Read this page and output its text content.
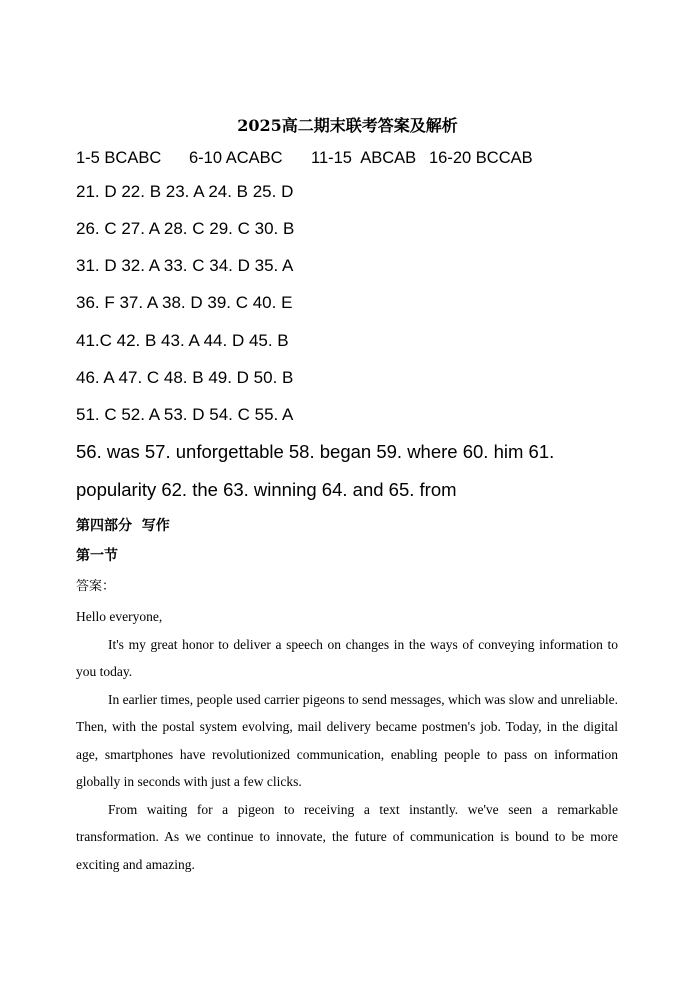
2025高二期末联考答案及解析
1-5 BCABC 6-10 ACABC 11-15  ABCAB 16-20 BCCAB
21. D 22. B 23. A 24. B 25. D
26. C 27. A 28. C 29. C 30. B
31. D 32. A 33. C 34. D 35. A
36. F 37. A 38. D 39. C 40. E
41.C 42. B 43. A 44. D 45. B
46. A 47. C 48. B 49. D 50. B
51. C 52. A 53. D 54. C 55. A
56. was 57. unforgettable 58. began 59. where 60. him 61.
popularity 62. the 63. winning 64. and 65. from
第四部分  写作
第一节
答案：

Hello everyone,

It's my great honor to deliver a speech on changes in the ways of conveying information to you today.

In earlier times, people used carrier pigeons to send messages, which was slow and unreliable. Then, with the postal system evolving, mail delivery became postmen's job. Today, in the digital age, smartphones have revolutionized communication, enabling people to pass on information globally in seconds with just a few clicks.

From waiting for a pigeon to receiving a text instantly. we've seen a remarkable transformation. As we continue to innovate, the future of communication is bound to be more exciting and amazing.
